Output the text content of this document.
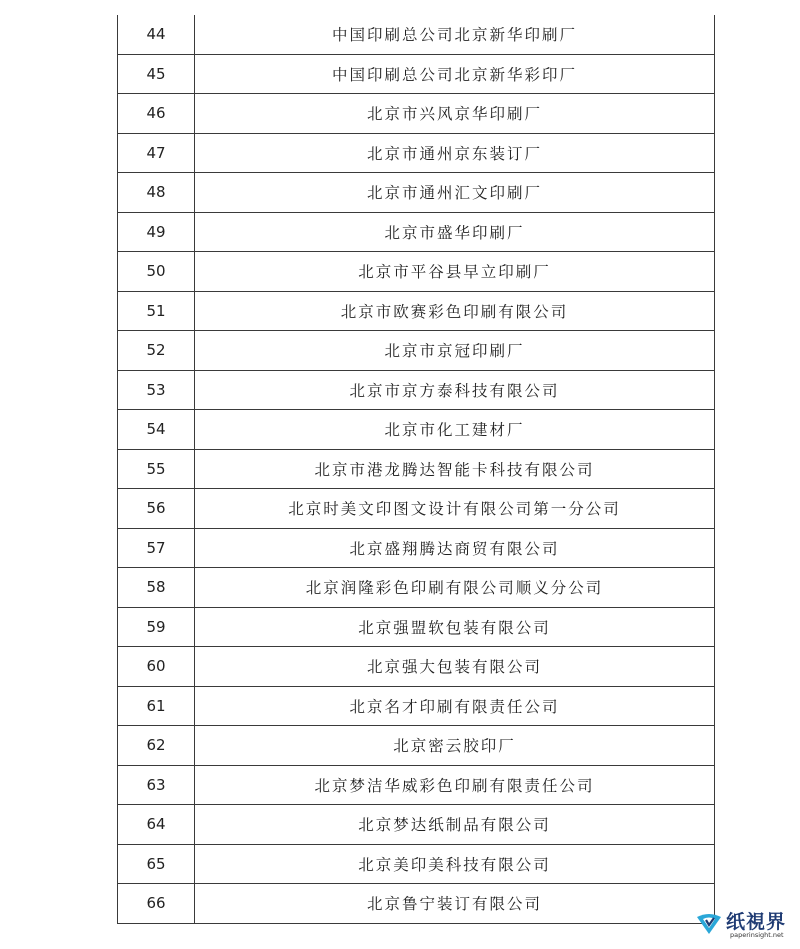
44	中国印刷总公司北京新华印刷厂
45	中国印刷总公司北京新华彩印厂
46	北京市兴风京华印刷厂
47	北京市通州京东装订厂
48	北京市通州汇文印刷厂
49	北京市盛华印刷厂
50	北京市平谷县早立印刷厂
51	北京市欧赛彩色印刷有限公司
52	北京市京冠印刷厂
53	北京市京方泰科技有限公司
54	北京市化工建材厂
55	北京市港龙腾达智能卡科技有限公司
56	北京时美文印图文设计有限公司第一分公司
57	北京盛翔腾达商贸有限公司
58	北京润隆彩色印刷有限公司顺义分公司
59	北京强盟软包装有限公司
60	北京强大包装有限公司
61	北京名才印刷有限责任公司
62	北京密云胶印厂
63	北京梦洁华威彩色印刷有限责任公司
64	北京梦达纸制品有限公司
65	北京美印美科技有限公司
66	北京鲁宁装订有限公司
纸視界
paperinsight.net
